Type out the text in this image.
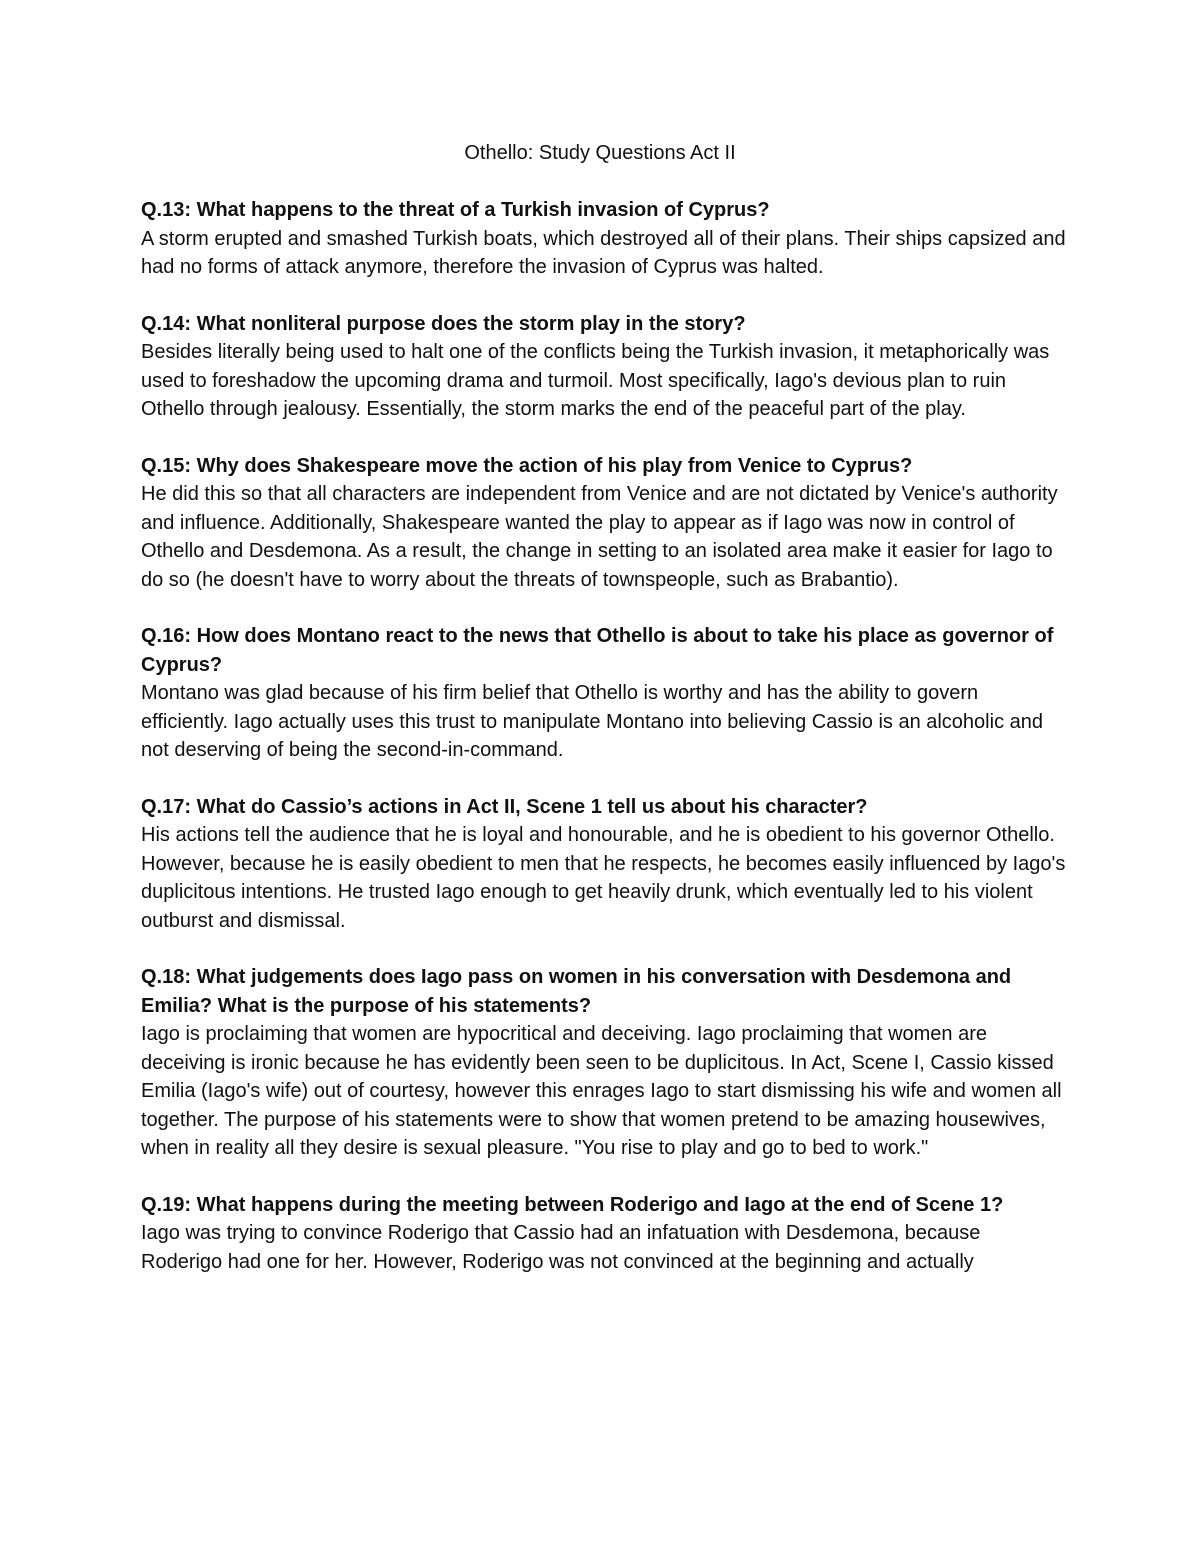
Othello: Study Questions Act II

Q.13: What happens to the threat of a Turkish invasion of Cyprus?

A storm erupted and smashed Turkish boats, which destroyed all of their plans. Their ships capsized and had no forms of attack anymore, therefore the invasion of Cyprus was halted.

Q.14: What nonliteral purpose does the storm play in the story?

Besides literally being used to halt one of the conflicts being the Turkish invasion, it metaphorically was used to foreshadow the upcoming drama and turmoil. Most specifically, Iago's devious plan to ruin Othello through jealousy. Essentially, the storm marks the end of the peaceful part of the play.

Q.15: Why does Shakespeare move the action of his play from Venice to Cyprus?

He did this so that all characters are independent from Venice and are not dictated by Venice's authority and influence. Additionally, Shakespeare wanted the play to appear as if Iago was now in control of Othello and Desdemona. As a result, the change in setting to an isolated area make it easier for Iago to do so (he doesn't have to worry about the threats of townspeople, such as Brabantio).

Q.16: How does Montano react to the news that Othello is about to take his place as governor of Cyprus?

Montano was glad because of his firm belief that Othello is worthy and has the ability to govern efficiently. Iago actually uses this trust to manipulate Montano into believing Cassio is an alcoholic and not deserving of being the second-in-command.

Q.17: What do Cassio’s actions in Act II, Scene 1 tell us about his character?

His actions tell the audience that he is loyal and honourable, and he is obedient to his governor Othello. However, because he is easily obedient to men that he respects, he becomes easily influenced by Iago's duplicitous intentions. He trusted Iago enough to get heavily drunk, which eventually led to his violent outburst and dismissal.

Q.18: What judgements does Iago pass on women in his conversation with Desdemona and Emilia? What is the purpose of his statements?

Iago is proclaiming that women are hypocritical and deceiving. Iago proclaiming that women are deceiving is ironic because he has evidently been seen to be duplicitous. In Act, Scene I, Cassio kissed Emilia (Iago's wife) out of courtesy, however this enrages Iago to start dismissing his wife and women all together. The purpose of his statements were to show that women pretend to be amazing housewives, when in reality all they desire is sexual pleasure. "You rise to play and go to bed to work."

Q.19: What happens during the meeting between Roderigo and Iago at the end of Scene 1?

Iago was trying to convince Roderigo that Cassio had an infatuation with Desdemona, because Roderigo had one for her. However, Roderigo was not convinced at the beginning and actually
